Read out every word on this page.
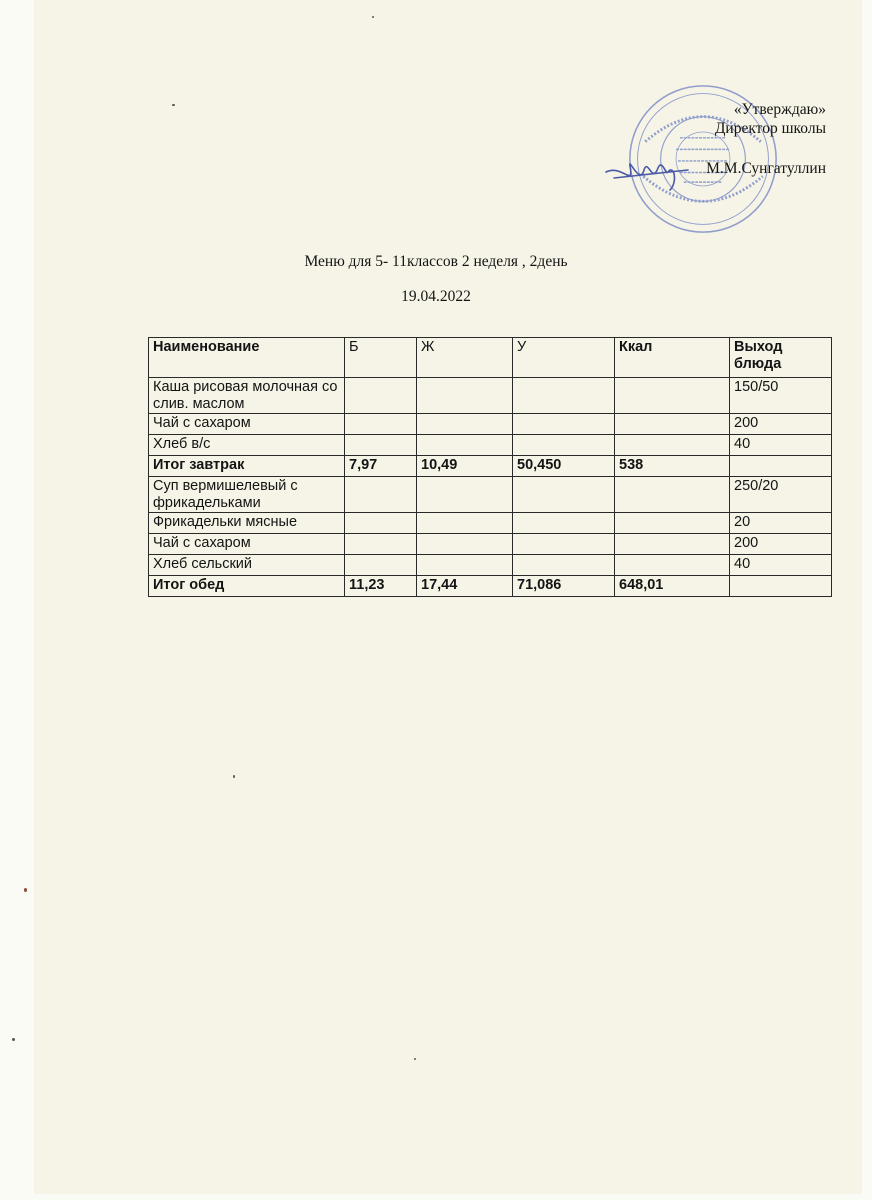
«Утверждаю»
Директор школы
М.М.Сунгатуллин
Меню для 5- 11классов 2 неделя , 2день
19.04.2022
Наименование	Б	Ж	У	Ккал	Выход блюда
Каша рисовая молочная со слив. маслом					150/50
Чай с сахаром					200
Хлеб в/с					40
Итог завтрак	7,97	10,49	50,450	538	
Суп вермишелевый с фрикадельками					250/20
Фрикадельки мясные					20
Чай с сахаром					200
Хлеб сельский					40
Итог обед	11,23	17,44	71,086	648,01	
